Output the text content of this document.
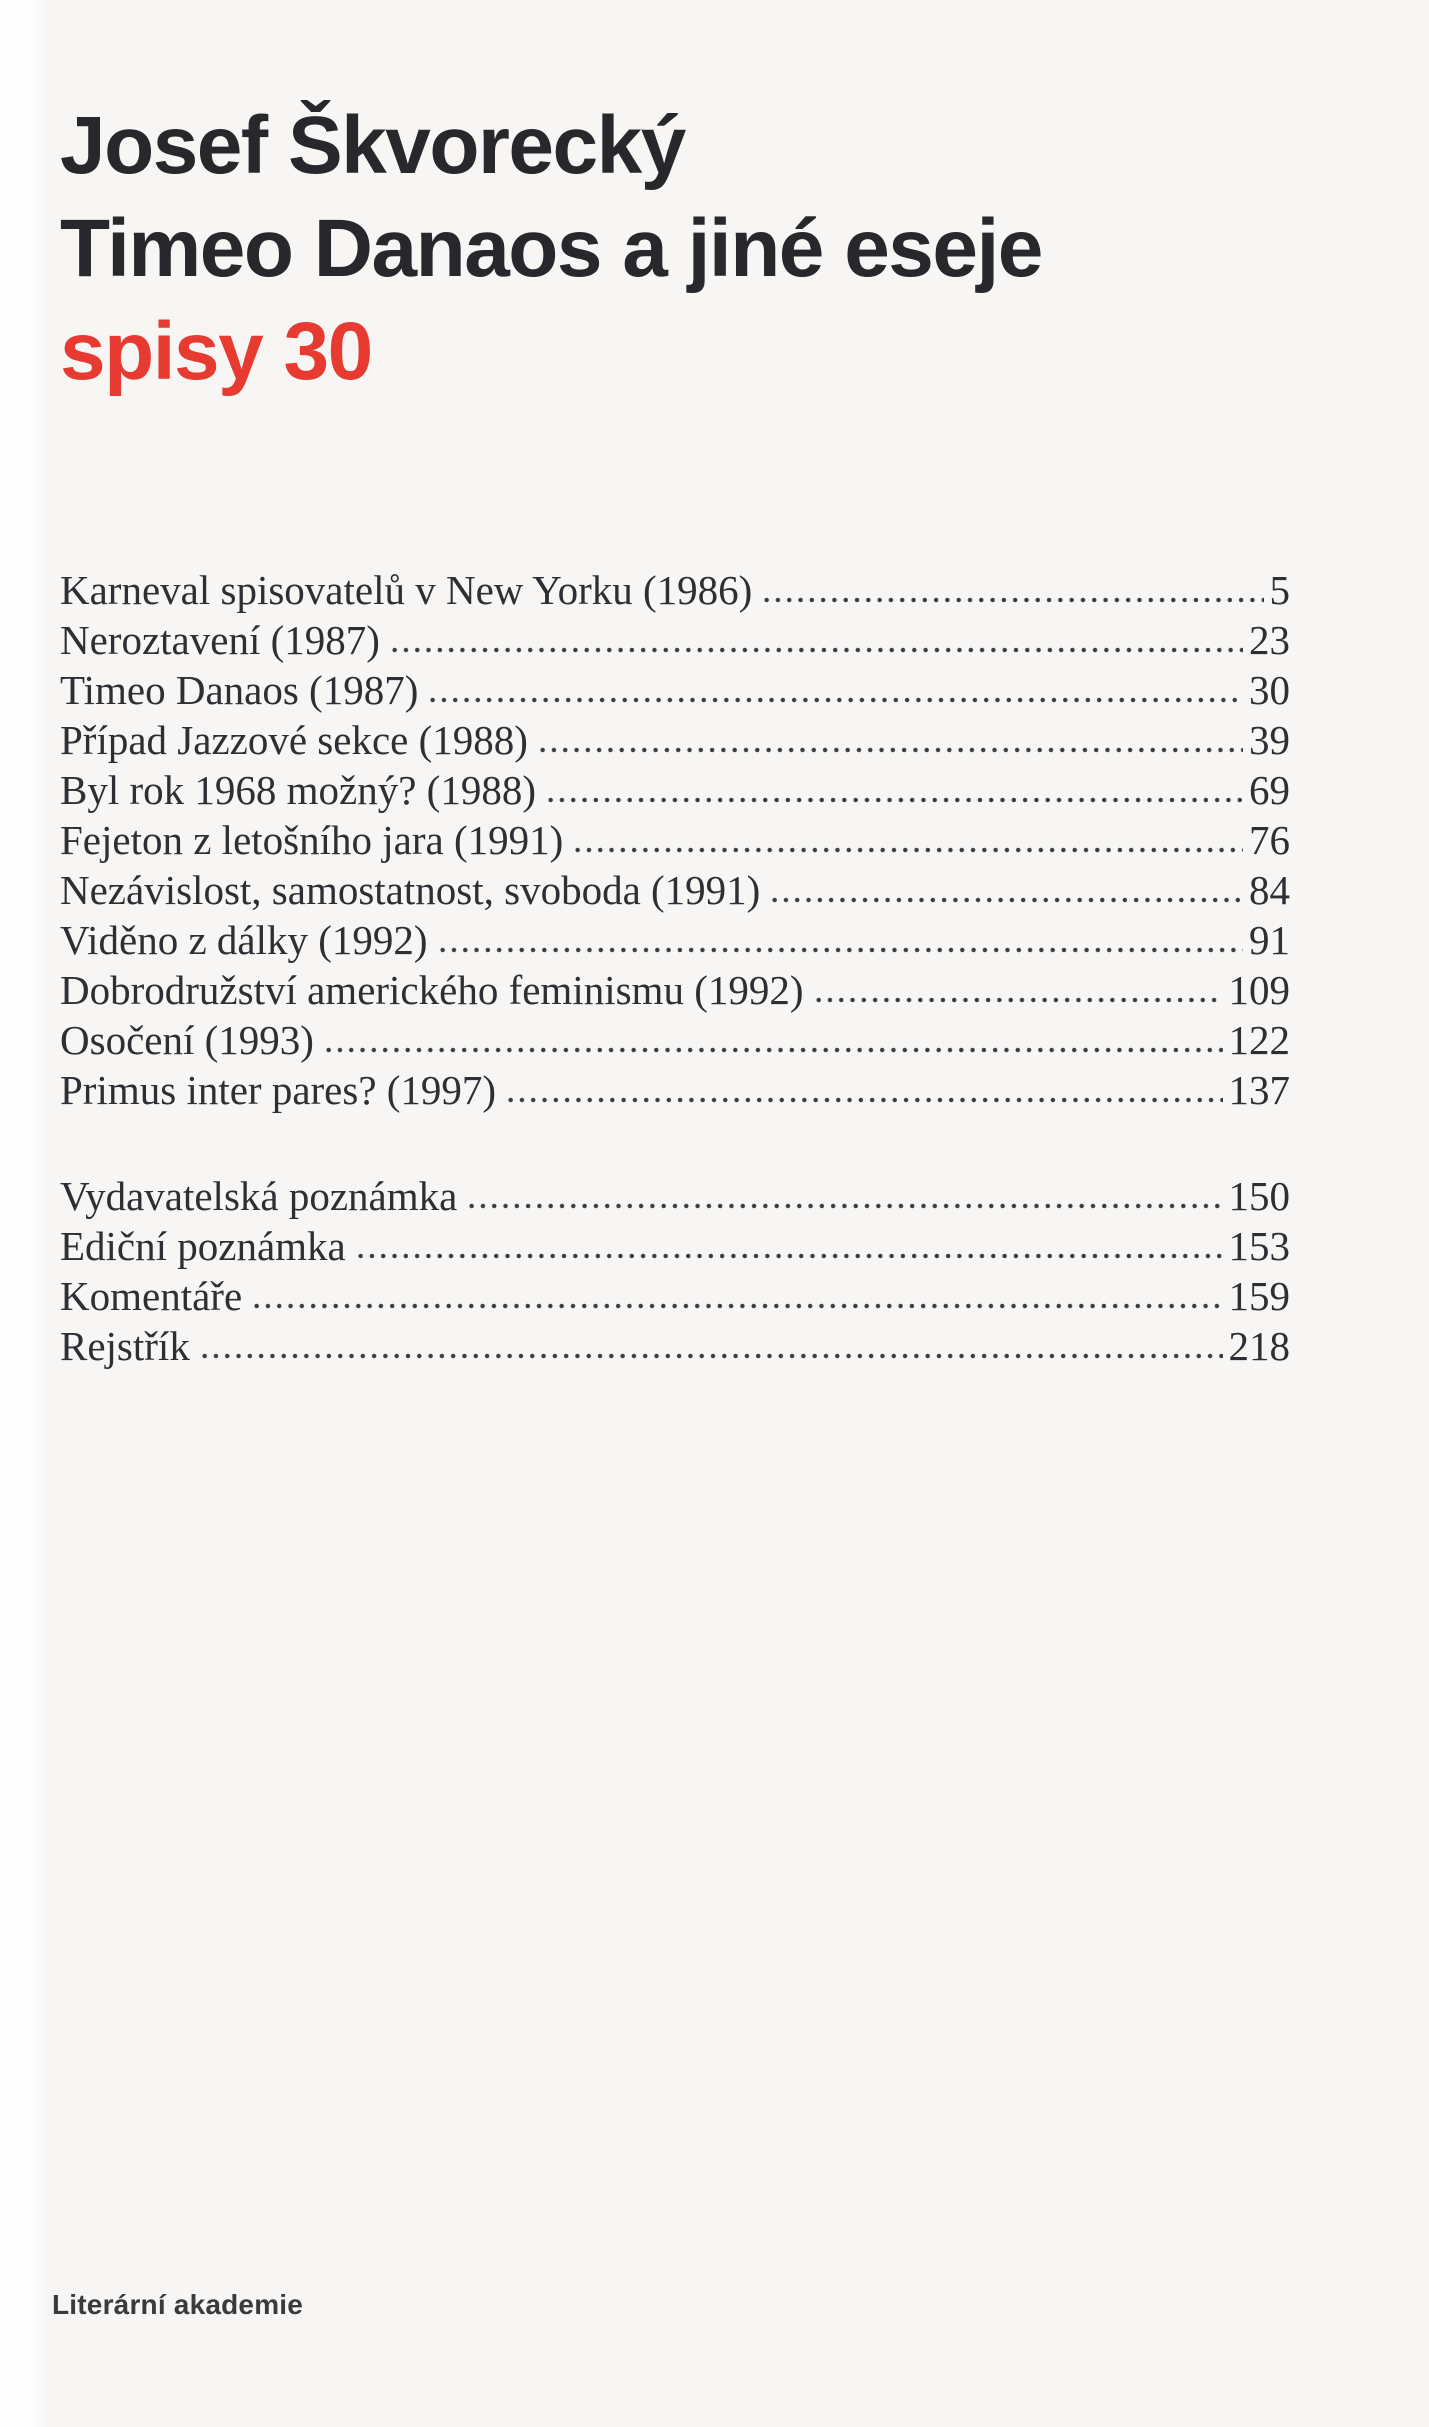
Josef Škvorecký
Timeo Danaos a jiné eseje
spisy 30
Karneval spisovatelů v New Yorku (1986)	5
Neroztavení (1987)	23
Timeo Danaos (1987)	30
Případ Jazzové sekce (1988)	39
Byl rok 1968 možný? (1988)	69
Fejeton z letošního jara (1991)	76
Nezávislost, samostatnost, svoboda (1991)	84
Viděno z dálky (1992)	91
Dobrodružství amerického feminismu (1992)	109
Osočení (1993)	122
Primus inter pares? (1997)	137
Vydavatelská poznámka	150
Ediční poznámka	153
Komentáře	159
Rejstřík	218
Literární akademie
